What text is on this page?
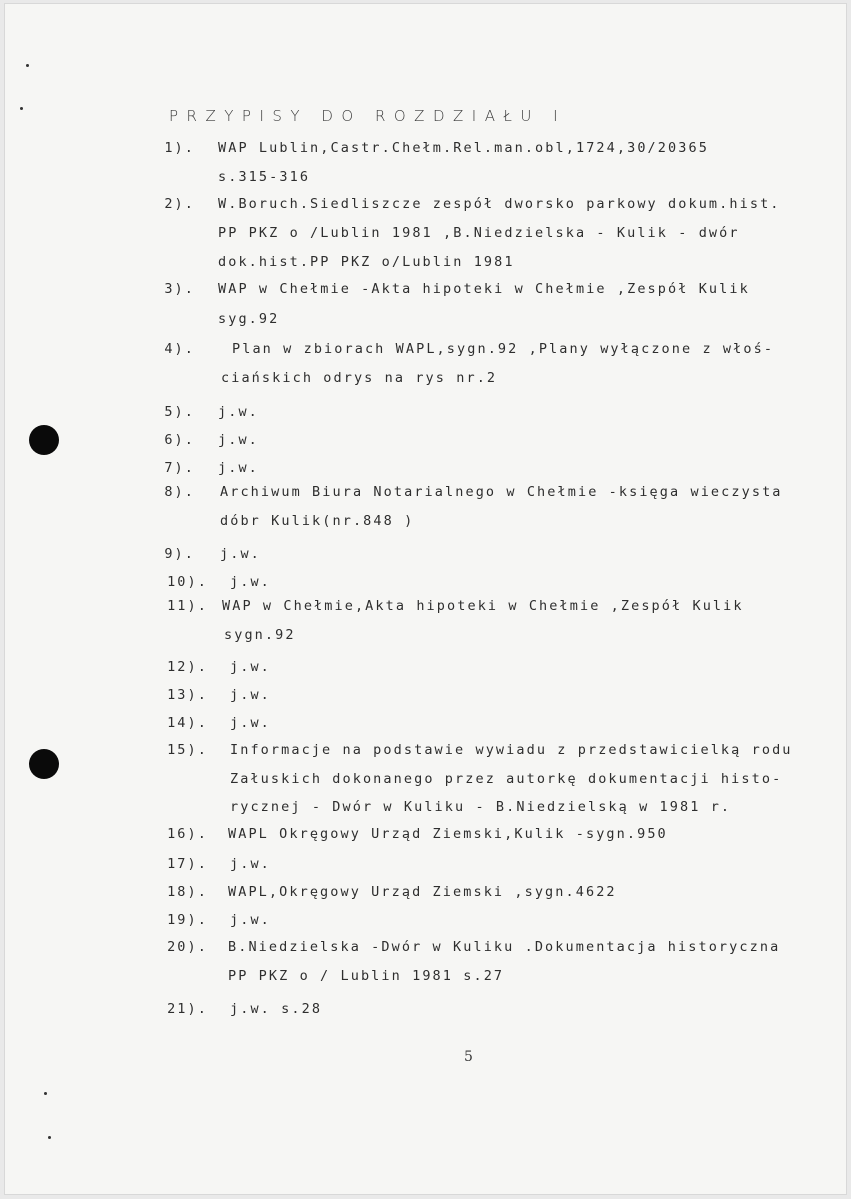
PRZYPISY DO ROZDZIAŁU I
1). WAP Lublin,Castr.Chełm.Rel.man.obl,1724,30/20365
s.315-316
2). W.Boruch.Siedliszcze zespół dworsko parkowy dokum.hist.
PP PKZ o /Lublin 1981 ,B.Niedzielska - Kulik - dwór
dok.hist.PP PKZ o/Lublin 1981
3). WAP w Chełmie -Akta hipoteki w Chełmie ,Zespół Kulik
syg.92
4).	Plan w zbiorach WAPL,sygn.92 ,Plany wyłączone z włoś-
ciańskich odrys na rys nr.2
5). j.w.
6). j.w.
7). j.w.
8). Archiwum Biura Notarialnego w Chełmie -księga wieczysta
dóbr Kulik(nr.848 )
9). j.w.
10). j.w.
11). WAP w Chełmie,Akta hipoteki w Chełmie ,Zespół Kulik
sygn.92
12). j.w.
13). j.w.
14). j.w.
15). Informacje na podstawie wywiadu z przedstawicielką rodu
Załuskich dokonanego przez autorkę dokumentacji histo-
rycznej - Dwór w Kuliku - B.Niedzielską w 1981 r.
16). WAPL Okręgowy Urząd Ziemski,Kulik -sygn.950
17). j.w.
18). WAPL,Okręgowy Urząd Ziemski ,sygn.4622
19). j.w.
20). B.Niedzielska -Dwór w Kuliku .Dokumentacja historyczna
PP PKZ o / Lublin 1981 s.27
21). j.w. s.28
5
